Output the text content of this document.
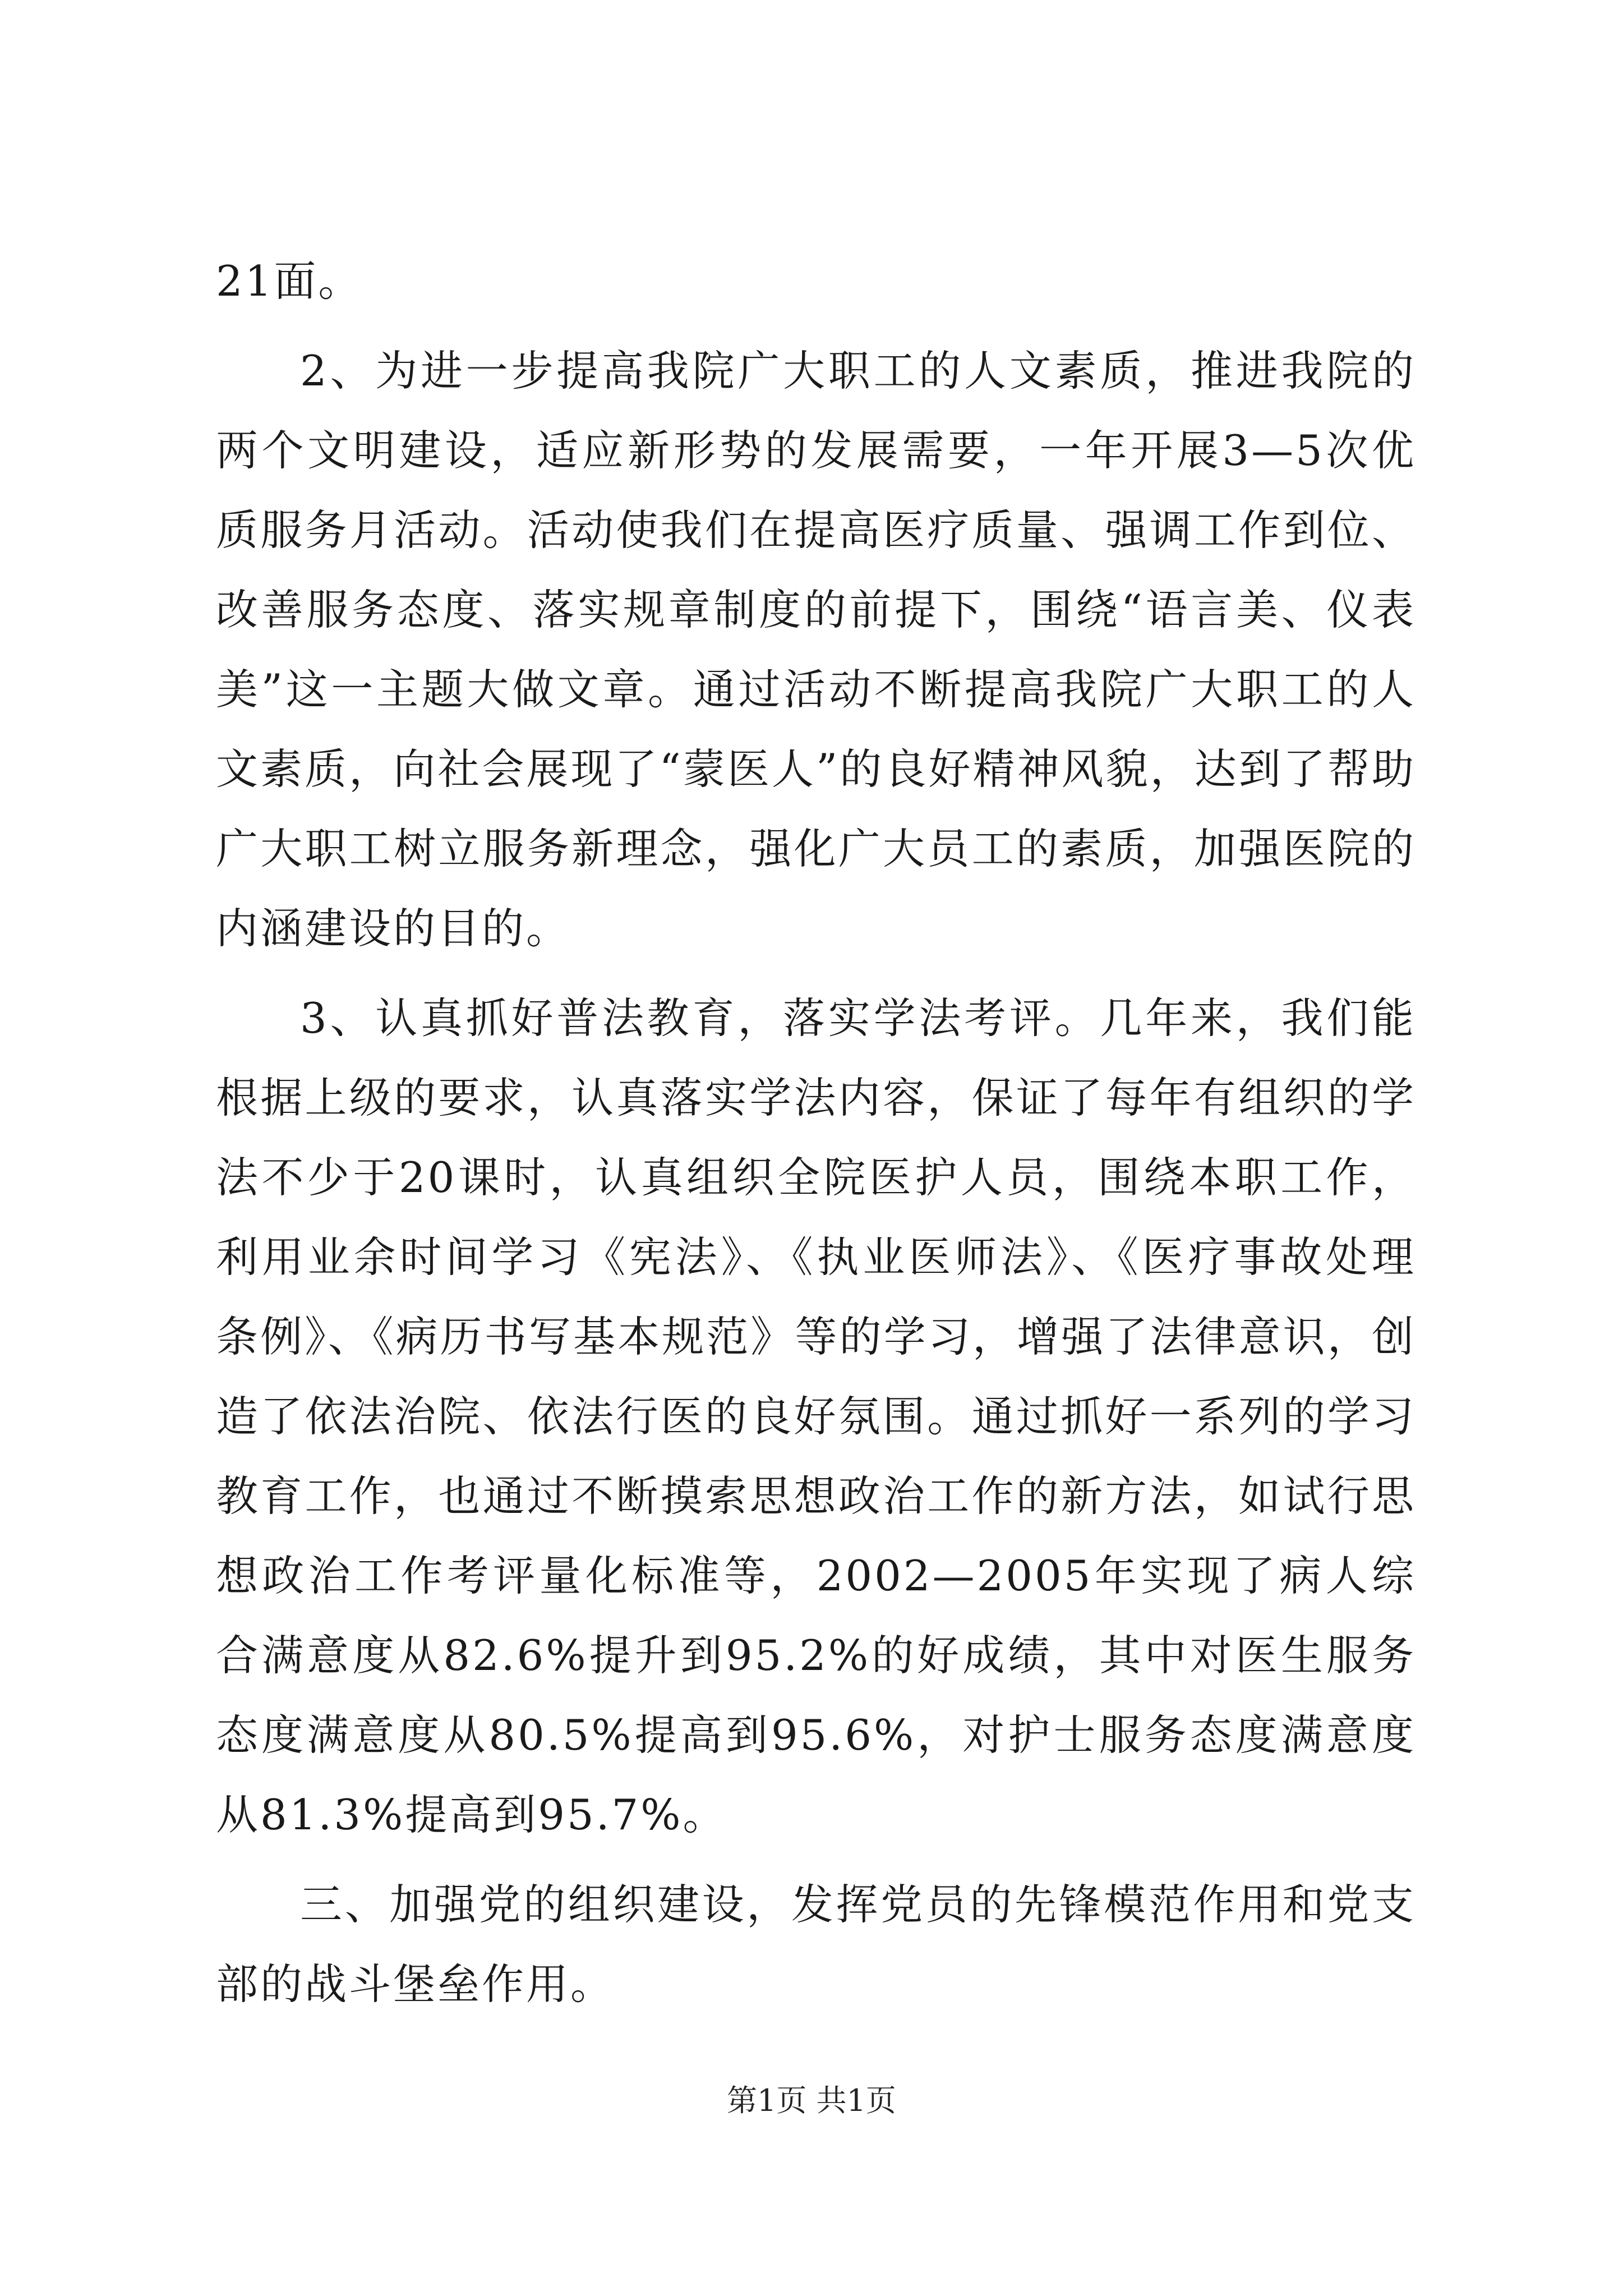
21面。

2、为进一步提高我院广大职工的人文素质，推进我院的两个文明建设，适应新形势的发展需要，一年开展3—5次优质服务月活动。活动使我们在提高医疗质量、强调工作到位、改善服务态度、落实规章制度的前提下，围绕“语言美、仪表美”这一主题大做文章。通过活动不断提高我院广大职工的人文素质，向社会展现了“蒙医人”的良好精神风貌，达到了帮助广大职工树立服务新理念，强化广大员工的素质，加强医院的内涵建设的目的。

3、认真抓好普法教育，落实学法考评。几年来，我们能根据上级的要求，认真落实学法内容，保证了每年有组织的学法不少于20课时，认真组织全院医护人员，围绕本职工作，利用业余时间学习《宪法》、《执业医师法》、《医疗事故处理条例》、《病历书写基本规范》等的学习，增强了法律意识，创造了依法治院、依法行医的良好氛围。通过抓好一系列的学习教育工作，也通过不断摸索思想政治工作的新方法，如试行思想政治工作考评量化标准等，2002—2005年实现了病人综合满意度从82.6%提升到95.2%的好成绩，其中对医生服务态度满意度从80.5%提高到95.6%，对护士服务态度满意度从81.3%提高到95.7%。

三、加强党的组织建设，发挥党员的先锋模范作用和党支部的战斗堡垒作用。

第1页 共1页
